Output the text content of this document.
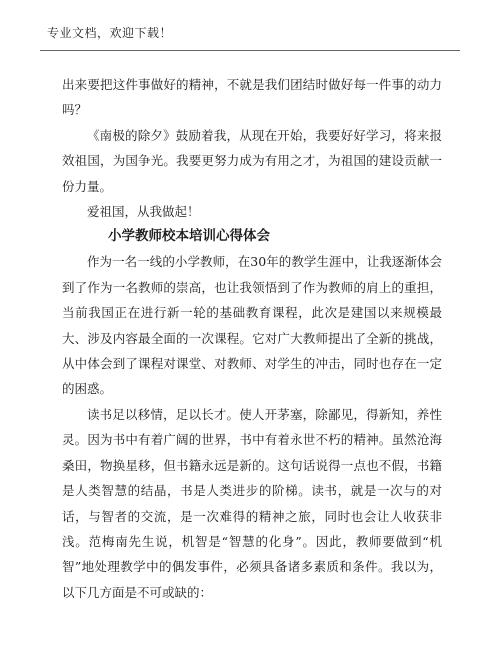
专业文档，欢迎下载！

出来要把这件事做好的精神，不就是我们团结时做好每一件事的动力吗？

《南极的除夕》鼓励着我，从现在开始，我要好好学习，将来报效祖国，为国争光。我要更努力成为有用之才，为祖国的建设贡献一份力量。

爱祖国，从我做起！

小学教师校本培训心得体会

作为一名一线的小学教师，在30年的教学生涯中，让我逐渐体会到了作为一名教师的崇高，也让我领悟到了作为教师的肩上的重担，当前我国正在进行新一轮的基础教育课程，此次是建国以来规模最大、涉及内容最全面的一次课程。它对广大教师提出了全新的挑战，从中体会到了课程对课堂、对教师、对学生的冲击，同时也存在一定的困惑。

读书足以移情，足以长才。使人开茅塞，除鄙见，得新知，养性灵。因为书中有着广阔的世界，书中有着永世不朽的精神。虽然沧海桑田，物换星移，但书籍永远是新的。这句话说得一点也不假，书籍是人类智慧的结晶，书是人类进步的阶梯。读书，就是一次与的对话，与智者的交流，是一次难得的精神之旅，同时也会让人收获非浅。范梅南先生说，机智是“智慧的化身”。因此，教师要做到“机智”地处理教学中的偶发事件，必须具备诸多素质和条件。我以为，以下几方面是不可或缺的：
